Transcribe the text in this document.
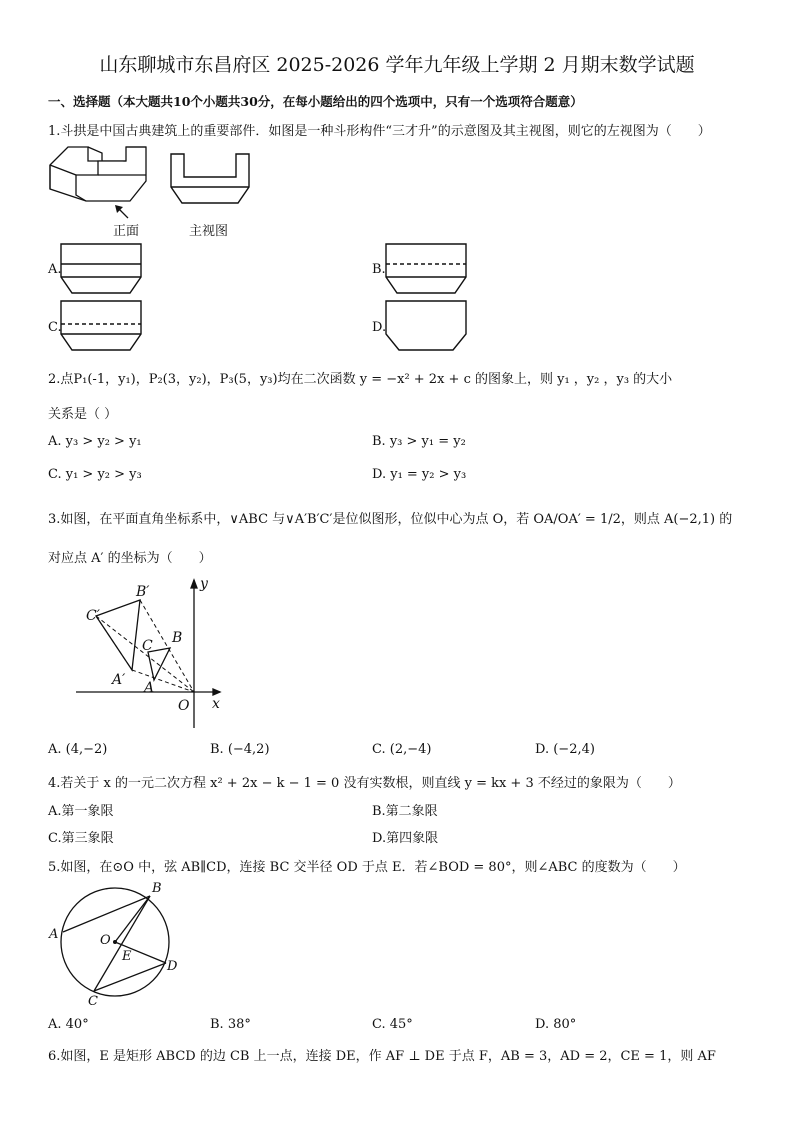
山东聊城市东昌府区 2025-2026 学年九年级上学期 2 月期末数学试题
一、选择题（本大题共10个小题共30分，在每小题给出的四个选项中，只有一个选项符合题意）
1.斗拱是中国古典建筑上的重要部件．如图是一种斗形构件“三才升”的示意图及其主视图，则它的左视图为（　　）
正面	主视图
A.	B.
C.	D.
2.点P₁(-1，y₁)，P₂(3，y₂)，P₃(5，y₃)均在二次函数 y = −x² + 2x + c 的图象上，则 y₁ ，y₂ ，y₃ 的大小
关系是（ ）
A. y₃ > y₂ > y₁	B. y₃ > y₁ = y₂
C. y₁ > y₂ > y₃	D. y₁ = y₂ > y₃
3.如图，在平面直角坐标系中，∨ABC 与∨A′B′C′是位似图形，位似中心为点 O，若 OA/OA′ = 1/2，则点 A(−2,1) 的
对应点 A′ 的坐标为（　　）
y
x
O
A
B
C
A′
B′
C′
A. (4,−2)	B. (−4,2)	C. (2,−4)	D. (−2,4)
4.若关于 x 的一元二次方程 x² + 2x − k − 1 = 0 没有实数根，则直线 y = kx + 3 不经过的象限为（　　）
A.第一象限	B.第二象限
C.第三象限	D.第四象限
5.如图，在⊙O 中，弦 AB∥CD，连接 BC 交半径 OD 于点 E．若∠BOD = 80°，则∠ABC 的度数为（　　）
A
B
C
D
E
O
A. 40°	B. 38°	C. 45°	D. 80°
6.如图，E 是矩形 ABCD 的边 CB 上一点，连接 DE，作 AF ⊥ DE 于点 F，AB = 3，AD = 2，CE = 1，则 AF
